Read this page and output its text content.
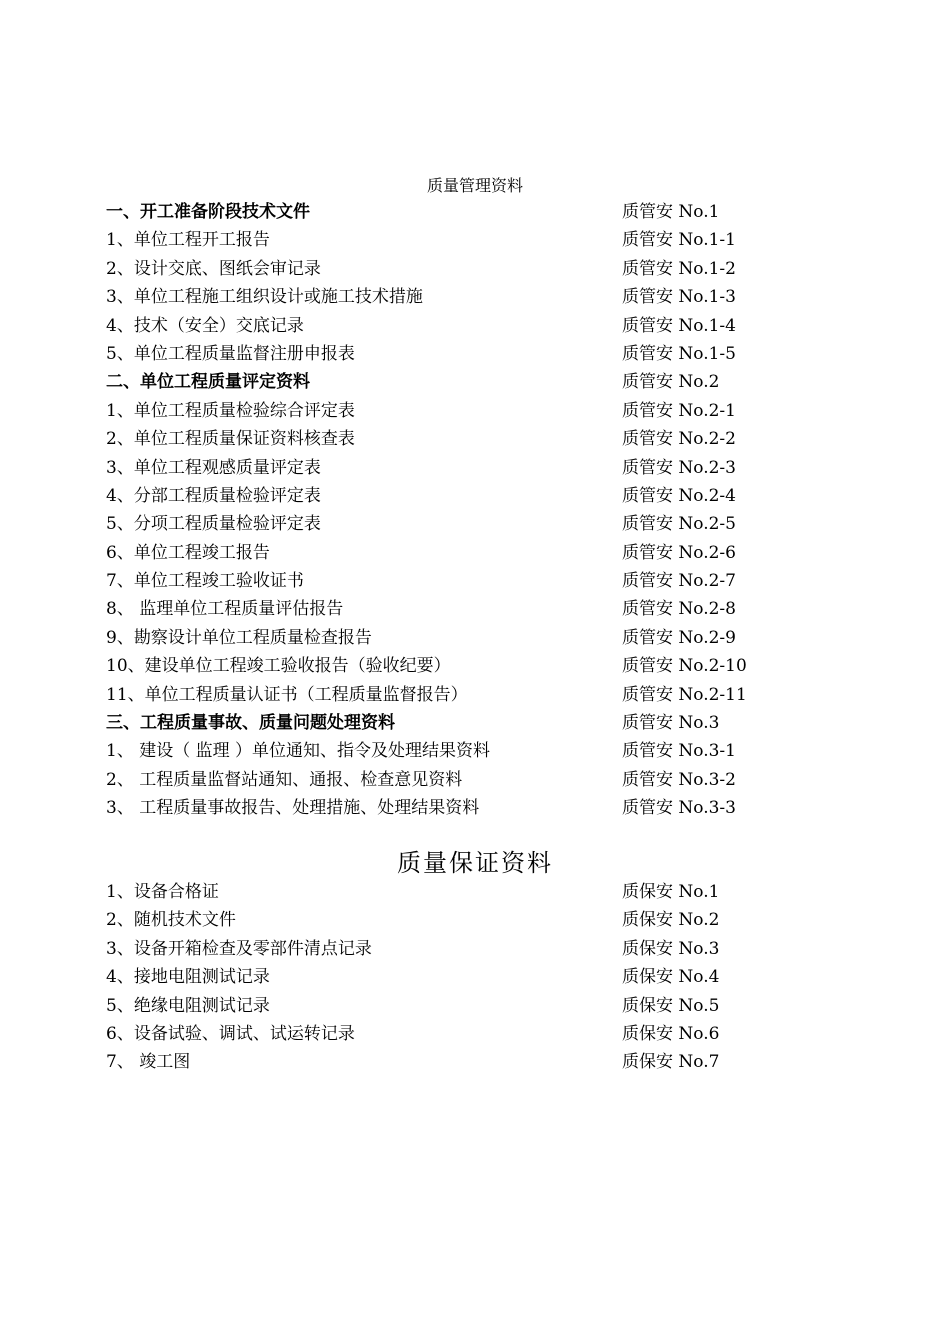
质量管理资料
一、开工准备阶段技术文件	质管安 No.1
1、单位工程开工报告	质管安 No.1-1
2、设计交底、图纸会审记录	质管安 No.1-2
3、单位工程施工组织设计或施工技术措施	质管安 No.1-3
4、技术（安全）交底记录	质管安 No.1-4
5、单位工程质量监督注册申报表	质管安 No.1-5
二、单位工程质量评定资料	质管安 No.2
1、单位工程质量检验综合评定表	质管安 No.2-1
2、单位工程质量保证资料核查表	质管安 No.2-2
3、单位工程观感质量评定表	质管安 No.2-3
4、分部工程质量检验评定表	质管安 No.2-4
5、分项工程质量检验评定表	质管安 No.2-5
6、单位工程竣工报告	质管安 No.2-6
7、单位工程竣工验收证书	质管安 No.2-7
8、 监理单位工程质量评估报告	质管安 No.2-8
9、勘察设计单位工程质量检查报告	质管安 No.2-9
10、建设单位工程竣工验收报告（验收纪要）	质管安 No.2-10
11、单位工程质量认证书（工程质量监督报告）	质管安 No.2-11
三、工程质量事故、质量问题处理资料	质管安 No.3
1、 建设（ 监理 ）单位通知、指令及处理结果资料	质管安 No.3-1
2、 工程质量监督站通知、通报、检查意见资料	质管安 No.3-2
3、 工程质量事故报告、处理措施、处理结果资料	质管安 No.3-3
质量保证资料
1、设备合格证	质保安 No.1
2、随机技术文件	质保安 No.2
3、设备开箱检查及零部件清点记录	质保安 No.3
4、接地电阻测试记录	质保安 No.4
5、绝缘电阻测试记录	质保安 No.5
6、设备试验、调试、试运转记录	质保安 No.6
7、 竣工图	质保安 No.7
